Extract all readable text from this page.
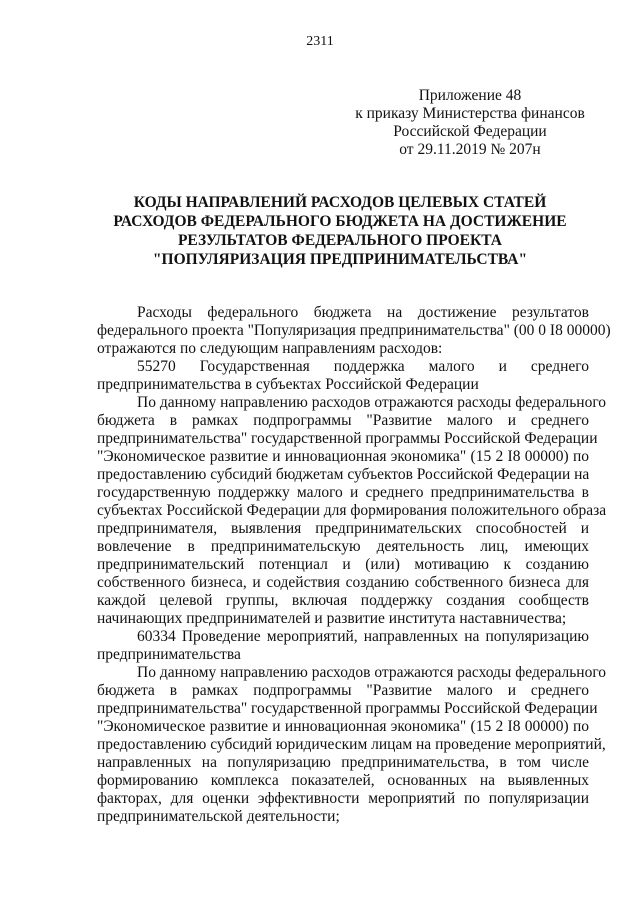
2311
Приложение 48
к приказу Министерства финансов
Российской Федерации
от 29.11.2019 № 207н
КОДЫ НАПРАВЛЕНИЙ РАСХОДОВ ЦЕЛЕВЫХ СТАТЕЙ
РАСХОДОВ ФЕДЕРАЛЬНОГО БЮДЖЕТА НА ДОСТИЖЕНИЕ
РЕЗУЛЬТАТОВ ФЕДЕРАЛЬНОГО ПРОЕКТА
"ПОПУЛЯРИЗАЦИЯ ПРЕДПРИНИМАТЕЛЬСТВА"
Расходы федерального бюджета на достижение результатов
федерального проекта "Популяризация предпринимательства" (00 0 I8 00000)
отражаются по следующим направлениям расходов:
55270 Государственная поддержка малого и среднего
предпринимательства в субъектах Российской Федерации
По данному направлению расходов отражаются расходы федерального
бюджета в рамках подпрограммы "Развитие малого и среднего
предпринимательства" государственной программы Российской Федерации
"Экономическое развитие и инновационная экономика" (15 2 I8 00000) по
предоставлению субсидий бюджетам субъектов Российской Федерации на
государственную поддержку малого и среднего предпринимательства в
субъектах Российской Федерации для формирования положительного образа
предпринимателя, выявления предпринимательских способностей и
вовлечение в предпринимательскую деятельность лиц, имеющих
предпринимательский потенциал и (или) мотивацию к созданию
собственного бизнеса, и содействия созданию собственного бизнеса для
каждой целевой группы, включая поддержку создания сообществ
начинающих предпринимателей и развитие института наставничества;
60334 Проведение мероприятий, направленных на популяризацию
предпринимательства
По данному направлению расходов отражаются расходы федерального
бюджета в рамках подпрограммы "Развитие малого и среднего
предпринимательства" государственной программы Российской Федерации
"Экономическое развитие и инновационная экономика" (15 2 I8 00000) по
предоставлению субсидий юридическим лицам на проведение мероприятий,
направленных на популяризацию предпринимательства, в том числе
формированию комплекса показателей, основанных на выявленных
факторах, для оценки эффективности мероприятий по популяризации
предпринимательской деятельности;
